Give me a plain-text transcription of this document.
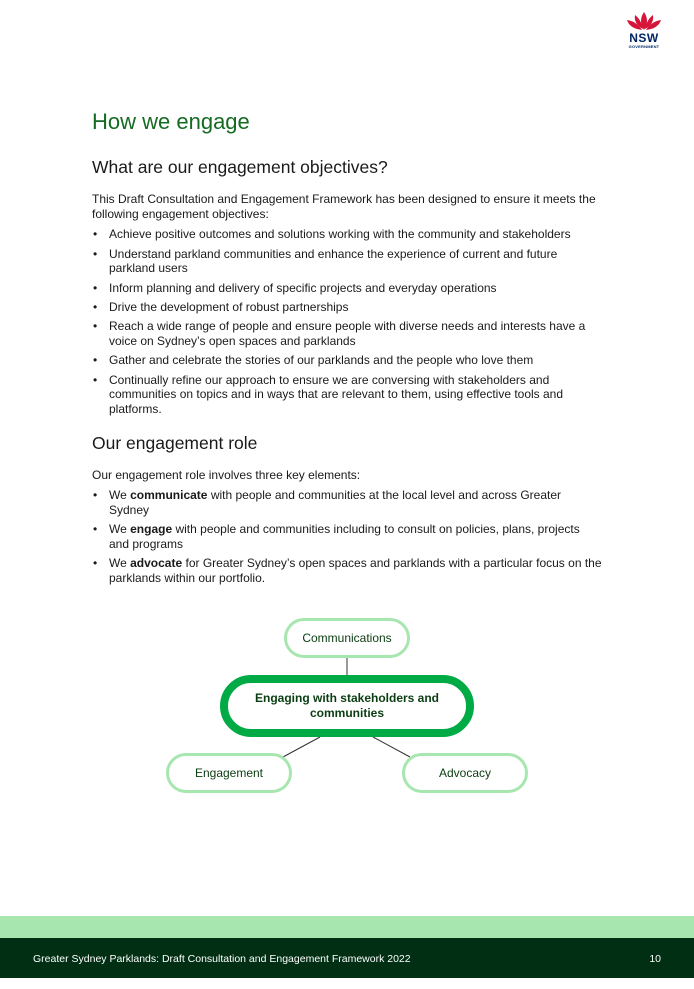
NSW
GOVERNMENT
How we engage
What are our engagement objectives?

This Draft Consultation and Engagement Framework has been designed to ensure it meets the following engagement objectives:

• Achieve positive outcomes and solutions working with the community and stakeholders
• Understand parkland communities and enhance the experience of current and future parkland users
• Inform planning and delivery of specific projects and everyday operations
• Drive the development of robust partnerships
• Reach a wide range of people and ensure people with diverse needs and interests have a voice on Sydney’s open spaces and parklands
• Gather and celebrate the stories of our parklands and the people who love them
• Continually refine our approach to ensure we are conversing with stakeholders and communities on topics and in ways that are relevant to them, using effective tools and platforms.
Our engagement role

Our engagement role involves three key elements:

• We communicate with people and communities at the local level and across Greater Sydney
• We engage with people and communities including to consult on policies, plans, projects and programs
• We advocate for Greater Sydney’s open spaces and parklands with a particular focus on the parklands within our portfolio.
Communications
Engaging with stakeholders and communities
Engagement	Advocacy
Greater Sydney Parklands: Draft Consultation and Engagement Framework 2022	10
